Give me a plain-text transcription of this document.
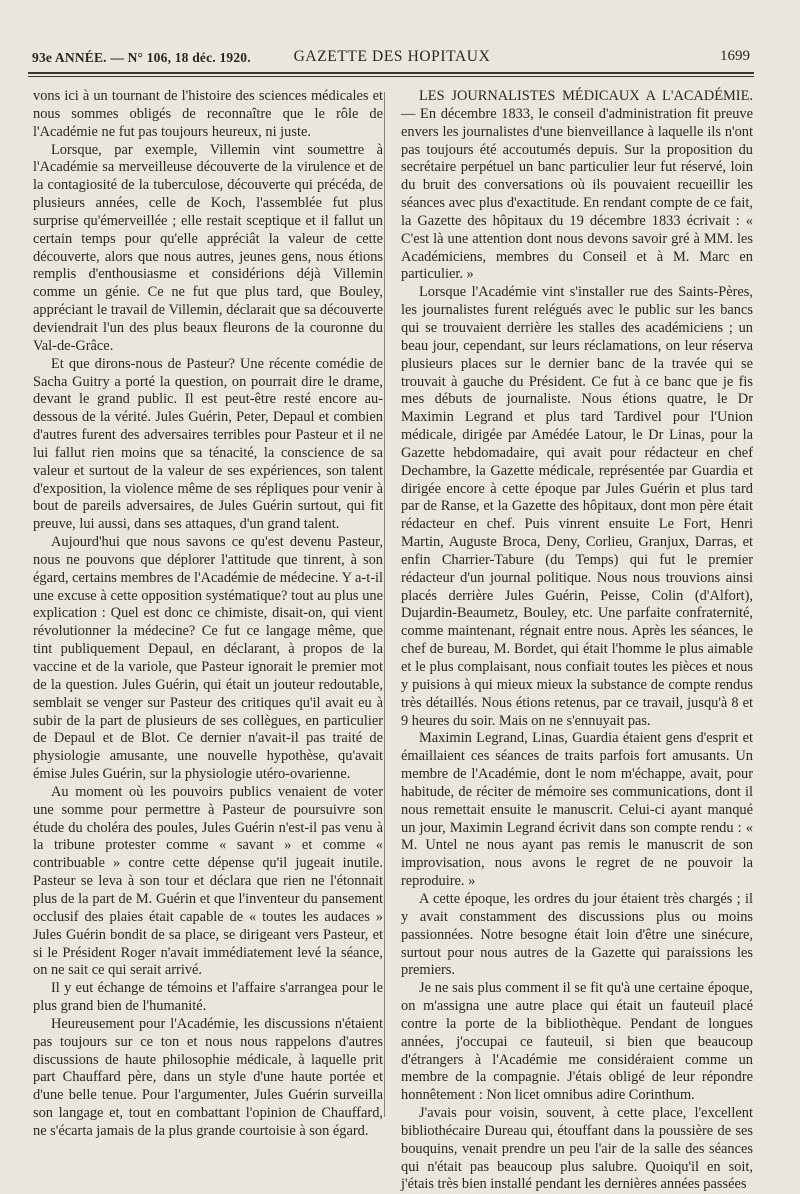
93e ANNÉE. — N° 106, 18 déc. 1920.	GAZETTE DES HOPITAUX	1699

vons ici à un tournant de l'histoire des sciences médicales et nous sommes obligés de reconnaître que le rôle de l'Académie ne fut pas toujours heureux, ni juste.

Lorsque, par exemple, Villemin vint soumettre à l'Académie sa merveilleuse découverte de la virulence et de la contagiosité de la tuberculose, découverte qui précéda, de plusieurs années, celle de Koch, l'assemblée fut plus surprise qu'émerveillée ; elle restait sceptique et il fallut un certain temps pour qu'elle appréciât la valeur de cette découverte, alors que nous autres, jeunes gens, nous étions remplis d'enthousiasme et considérions déjà Villemin comme un génie. Ce ne fut que plus tard, que Bouley, appréciant le travail de Villemin, déclarait que sa découverte deviendrait l'un des plus beaux fleurons de la couronne du Val-de-Grâce.

Et que dirons-nous de Pasteur? Une récente comédie de Sacha Guitry a porté la question, on pourrait dire le drame, devant le grand public. Il est peut-être resté encore au-dessous de la vérité. Jules Guérin, Peter, Depaul et combien d'autres furent des adversaires terribles pour Pasteur et il ne lui fallut rien moins que sa ténacité, la conscience de sa valeur et surtout de la valeur de ses expériences, son talent d'exposition, la violence même de ses répliques pour venir à bout de pareils adversaires, de Jules Guérin surtout, qui fit preuve, lui aussi, dans ses attaques, d'un grand talent.

Aujourd'hui que nous savons ce qu'est devenu Pasteur, nous ne pouvons que déplorer l'attitude que tinrent, à son égard, certains membres de l'Académie de médecine. Y a-t-il une excuse à cette opposition systématique? tout au plus une explication : Quel est donc ce chimiste, disait-on, qui vient révolutionner la médecine? Ce fut ce langage même, que tint publiquement Depaul, en déclarant, à propos de la vaccine et de la variole, que Pasteur ignorait le premier mot de la question. Jules Guérin, qui était un jouteur redoutable, semblait se venger sur Pasteur des critiques qu'il avait eu à subir de la part de plusieurs de ses collègues, en particulier de Depaul et de Blot. Ce dernier n'avait-il pas traité de physiologie amusante, une nouvelle hypothèse, qu'avait émise Jules Guérin, sur la physiologie utéro-ovarienne.

Au moment où les pouvoirs publics venaient de voter une somme pour permettre à Pasteur de poursuivre son étude du choléra des poules, Jules Guérin n'est-il pas venu à la tribune protester comme « savant » et comme « contribuable » contre cette dépense qu'il jugeait inutile. Pasteur se leva à son tour et déclara que rien ne l'étonnait plus de la part de M. Guérin et que l'inventeur du pansement occlusif des plaies était capable de « toutes les audaces » Jules Guérin bondit de sa place, se dirigeant vers Pasteur, et si le Président Roger n'avait immédiatement levé la séance, on ne sait ce qui serait arrivé.

Il y eut échange de témoins et l'affaire s'arrangea pour le plus grand bien de l'humanité.

Heureusement pour l'Académie, les discussions n'étaient pas toujours sur ce ton et nous nous rappelons d'autres discussions de haute philosophie médicale, à laquelle prit part Chauffard père, dans un style d'une haute portée et d'une belle tenue. Pour l'argumenter, Jules Guérin surveilla son langage et, tout en combattant l'opinion de Chauffard, ne s'écarta jamais de la plus grande courtoisie à son égard.

LES JOURNALISTES MÉDICAUX A L'ACADÉMIE. — En décembre 1833, le conseil d'administration fit preuve envers les journalistes d'une bienveillance à laquelle ils n'ont pas toujours été accoutumés depuis. Sur la proposition du secrétaire perpétuel un banc particulier leur fut réservé, loin du bruit des conversations où ils pouvaient recueillir les séances avec plus d'exactitude. En rendant compte de ce fait, la Gazette des hôpitaux du 19 décembre 1833 écrivait : « C'est là une attention dont nous devons savoir gré à MM. les Académiciens, membres du Conseil et à M. Marc en particulier. »

Lorsque l'Académie vint s'installer rue des Saints-Pères, les journalistes furent relégués avec le public sur les bancs qui se trouvaient derrière les stalles des académiciens ; un beau jour, cependant, sur leurs réclamations, on leur réserva plusieurs places sur le dernier banc de la travée qui se trouvait à gauche du Président. Ce fut à ce banc que je fis mes débuts de journaliste. Nous étions quatre, le Dr Maximin Legrand et plus tard Tardivel pour l'Union médicale, dirigée par Amédée Latour, le Dr Linas, pour la Gazette hebdomadaire, qui avait pour rédacteur en chef Dechambre, la Gazette médicale, représentée par Guardia et dirigée encore à cette époque par Jules Guérin et plus tard par de Ranse, et la Gazette des hôpitaux, dont mon père était rédacteur en chef. Puis vinrent ensuite Le Fort, Henri Martin, Auguste Broca, Deny, Corlieu, Granjux, Darras, et enfin Charrier-Tabure (du Temps) qui fut le premier rédacteur d'un journal politique. Nous nous trouvions ainsi placés derrière Jules Guérin, Peisse, Colin (d'Alfort), Dujardin-Beaumetz, Bouley, etc. Une parfaite confraternité, comme maintenant, régnait entre nous. Après les séances, le chef de bureau, M. Bordet, qui était l'homme le plus aimable et le plus complaisant, nous confiait toutes les pièces et nous y puisions à qui mieux mieux la substance de compte rendus très détaillés. Nous étions retenus, par ce travail, jusqu'à 8 et 9 heures du soir. Mais on ne s'ennuyait pas.

Maximin Legrand, Linas, Guardia étaient gens d'esprit et émaillaient ces séances de traits parfois fort amusants. Un membre de l'Académie, dont le nom m'échappe, avait, pour habitude, de réciter de mémoire ses communications, dont il nous remettait ensuite le manuscrit. Celui-ci ayant manqué un jour, Maximin Legrand écrivit dans son compte rendu : « M. Untel ne nous ayant pas remis le manuscrit de son improvisation, nous avons le regret de ne pouvoir la reproduire. »

A cette époque, les ordres du jour étaient très chargés ; il y avait constamment des discussions plus ou moins passionnées. Notre besogne était loin d'être une sinécure, surtout pour nous autres de la Gazette qui paraissions les premiers.

Je ne sais plus comment il se fit qu'à une certaine époque, on m'assigna une autre place qui était un fauteuil placé contre la porte de la bibliothèque. Pendant de longues années, j'occupai ce fauteuil, si bien que beaucoup d'étrangers à l'Académie me considéraient comme un membre de la compagnie. J'étais obligé de leur répondre honnêtement : Non licet omnibus adire Corinthum.

J'avais pour voisin, souvent, à cette place, l'excellent bibliothécaire Dureau qui, étouffant dans la poussière de ses bouquins, venait prendre un peu l'air de la salle des séances qui n'était pas beaucoup plus salubre. Quoiqu'il en soit, j'étais très bien installé pendant les dernières années passées
